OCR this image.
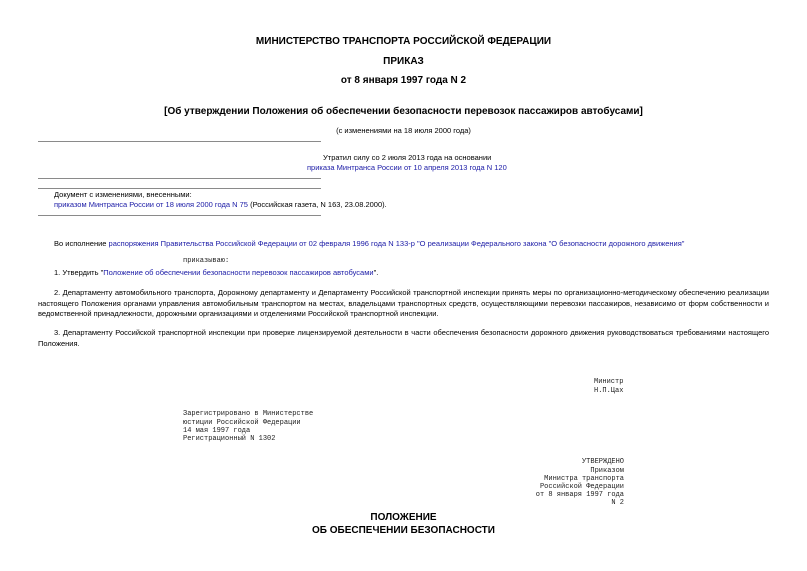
МИНИСТЕРСТВО ТРАНСПОРТА РОССИЙСКОЙ ФЕДЕРАЦИИ
ПРИКАЗ
от 8 января 1997 года N 2
[Об утверждении Положения об обеспечении безопасности перевозок пассажиров автобусами]
(с изменениями на 18 июля 2000 года)
Утратил силу со 2 июля 2013 года на основании
приказа Минтранса России от 10 апреля 2013 года N 120
Документ с изменениями, внесенными:
приказом Минтранса России от 18 июля 2000 года N 75 (Российская газета, N 163, 23.08.2000).
Во исполнение распоряжения Правительства Российской Федерации от 02 февраля 1996 года N 133-р "О реализации Федерального закона "О безопасности дорожного движения"
приказываю:
1. Утвердить "Положение об обеспечении безопасности перевозок пассажиров автобусами".
2. Департаменту автомобильного транспорта, Дорожному департаменту и Департаменту Российской транспортной инспекции принять меры по организационно-методическому обеспечению реализации настоящего Положения органами управления автомобильным транспортом на местах, владельцами транспортных средств, осуществляющими перевозки пассажиров, независимо от форм собственности и ведомственной принадлежности, дорожными организациями и отделениями Российской транспортной инспекции.
3. Департаменту Российской транспортной инспекции при проверке лицензируемой деятельности в части обеспечения безопасности дорожного движения руководствоваться требованиями настоящего Положения.
Министр
Н.П.Цах
Зарегистрировано в Министерстве
юстиции Российской Федерации
14 мая 1997 года
Регистрационный N 1302
УТВЕРЖДЕНО
Приказом
Министра транспорта
Российской Федерации
от 8 января 1997 года
N 2
ПОЛОЖЕНИЕ
ОБ ОБЕСПЕЧЕНИИ БЕЗОПАСНОСТИ
